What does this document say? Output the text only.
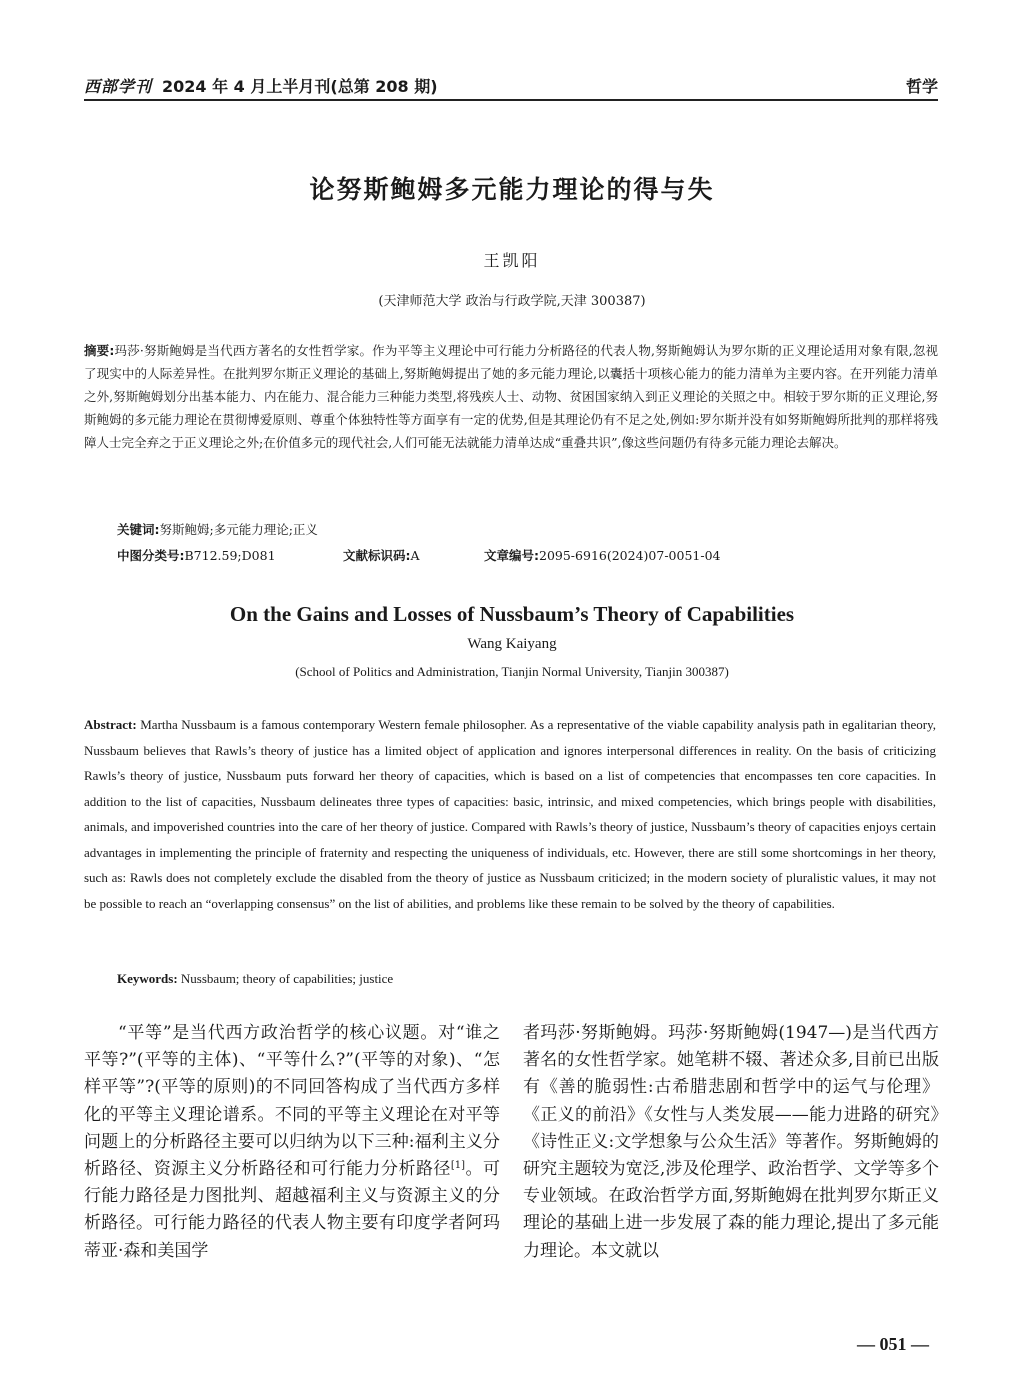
西部学刊 2024 年 4 月上半月刊(总第 208 期)	哲学
论努斯鲍姆多元能力理论的得与失
王凯阳
(天津师范大学 政治与行政学院,天津 300387)
摘要:玛莎·努斯鲍姆是当代西方著名的女性哲学家。作为平等主义理论中可行能力分析路径的代表人物,努斯鲍姆认为罗尔斯的正义理论适用对象有限,忽视了现实中的人际差异性。在批判罗尔斯正义理论的基础上,努斯鲍姆提出了她的多元能力理论,以囊括十项核心能力的能力清单为主要内容。在开列能力清单之外,努斯鲍姆划分出基本能力、内在能力、混合能力三种能力类型,将残疾人士、动物、贫困国家纳入到正义理论的关照之中。相较于罗尔斯的正义理论,努斯鲍姆的多元能力理论在贯彻博爱原则、尊重个体独特性等方面享有一定的优势,但是其理论仍有不足之处,例如:罗尔斯并没有如努斯鲍姆所批判的那样将残障人士完全弃之于正义理论之外;在价值多元的现代社会,人们可能无法就能力清单达成“重叠共识”,像这些问题仍有待多元能力理论去解决。
关键词:努斯鲍姆;多元能力理论;正义
中图分类号:B712.59;D081	文献标识码:A	文章编号:2095-6916(2024)07-0051-04
On the Gains and Losses of Nussbaum’s Theory of Capabilities
Wang Kaiyang
(School of Politics and Administration, Tianjin Normal University, Tianjin 300387)
Abstract: Martha Nussbaum is a famous contemporary Western female philosopher. As a representative of the viable capability analysis path in egalitarian theory, Nussbaum believes that Rawls’s theory of justice has a limited object of application and ignores interpersonal differences in reality. On the basis of criticizing Rawls’s theory of justice, Nussbaum puts forward her theory of capacities, which is based on a list of competencies that encompasses ten core capacities. In addition to the list of capacities, Nussbaum delineates three types of capacities: basic, intrinsic, and mixed competencies, which brings people with disabilities, animals, and impoverished countries into the care of her theory of justice. Compared with Rawls’s theory of justice, Nussbaum’s theory of capacities enjoys certain advantages in implementing the principle of fraternity and respecting the uniqueness of individuals, etc. However, there are still some shortcomings in her theory, such as: Rawls does not completely exclude the disabled from the theory of justice as Nussbaum criticized; in the modern society of pluralistic values, it may not be possible to reach an “overlapping consensus” on the list of abilities, and problems like these remain to be solved by the theory of capabilities.
Keywords: Nussbaum; theory of capabilities; justice

“平等”是当代西方政治哲学的核心议题。对“谁之平等?”(平等的主体)、“平等什么?”(平等的对象)、“怎样平等”?(平等的原则)的不同回答构成了当代西方多样化的平等主义理论谱系。不同的平等主义理论在对平等问题上的分析路径主要可以归纳为以下三种:福利主义分析路径、资源主义分析路径和可行能力分析路径[1]。可行能力路径是力图批判、超越福利主义与资源主义的分析路径。可行能力路径的代表人物主要有印度学者阿玛蒂亚·森和美国学

者玛莎·努斯鲍姆。玛莎·努斯鲍姆(1947—)是当代西方著名的女性哲学家。她笔耕不辍、著述众多,目前已出版有《善的脆弱性:古希腊悲剧和哲学中的运气与伦理》《正义的前沿》《女性与人类发展——能力进路的研究》《诗性正义:文学想象与公众生活》等著作。努斯鲍姆的研究主题较为宽泛,涉及伦理学、政治哲学、文学等多个专业领域。在政治哲学方面,努斯鲍姆在批判罗尔斯正义理论的基础上进一步发展了森的能力理论,提出了多元能力理论。本文就以

— 051 —
